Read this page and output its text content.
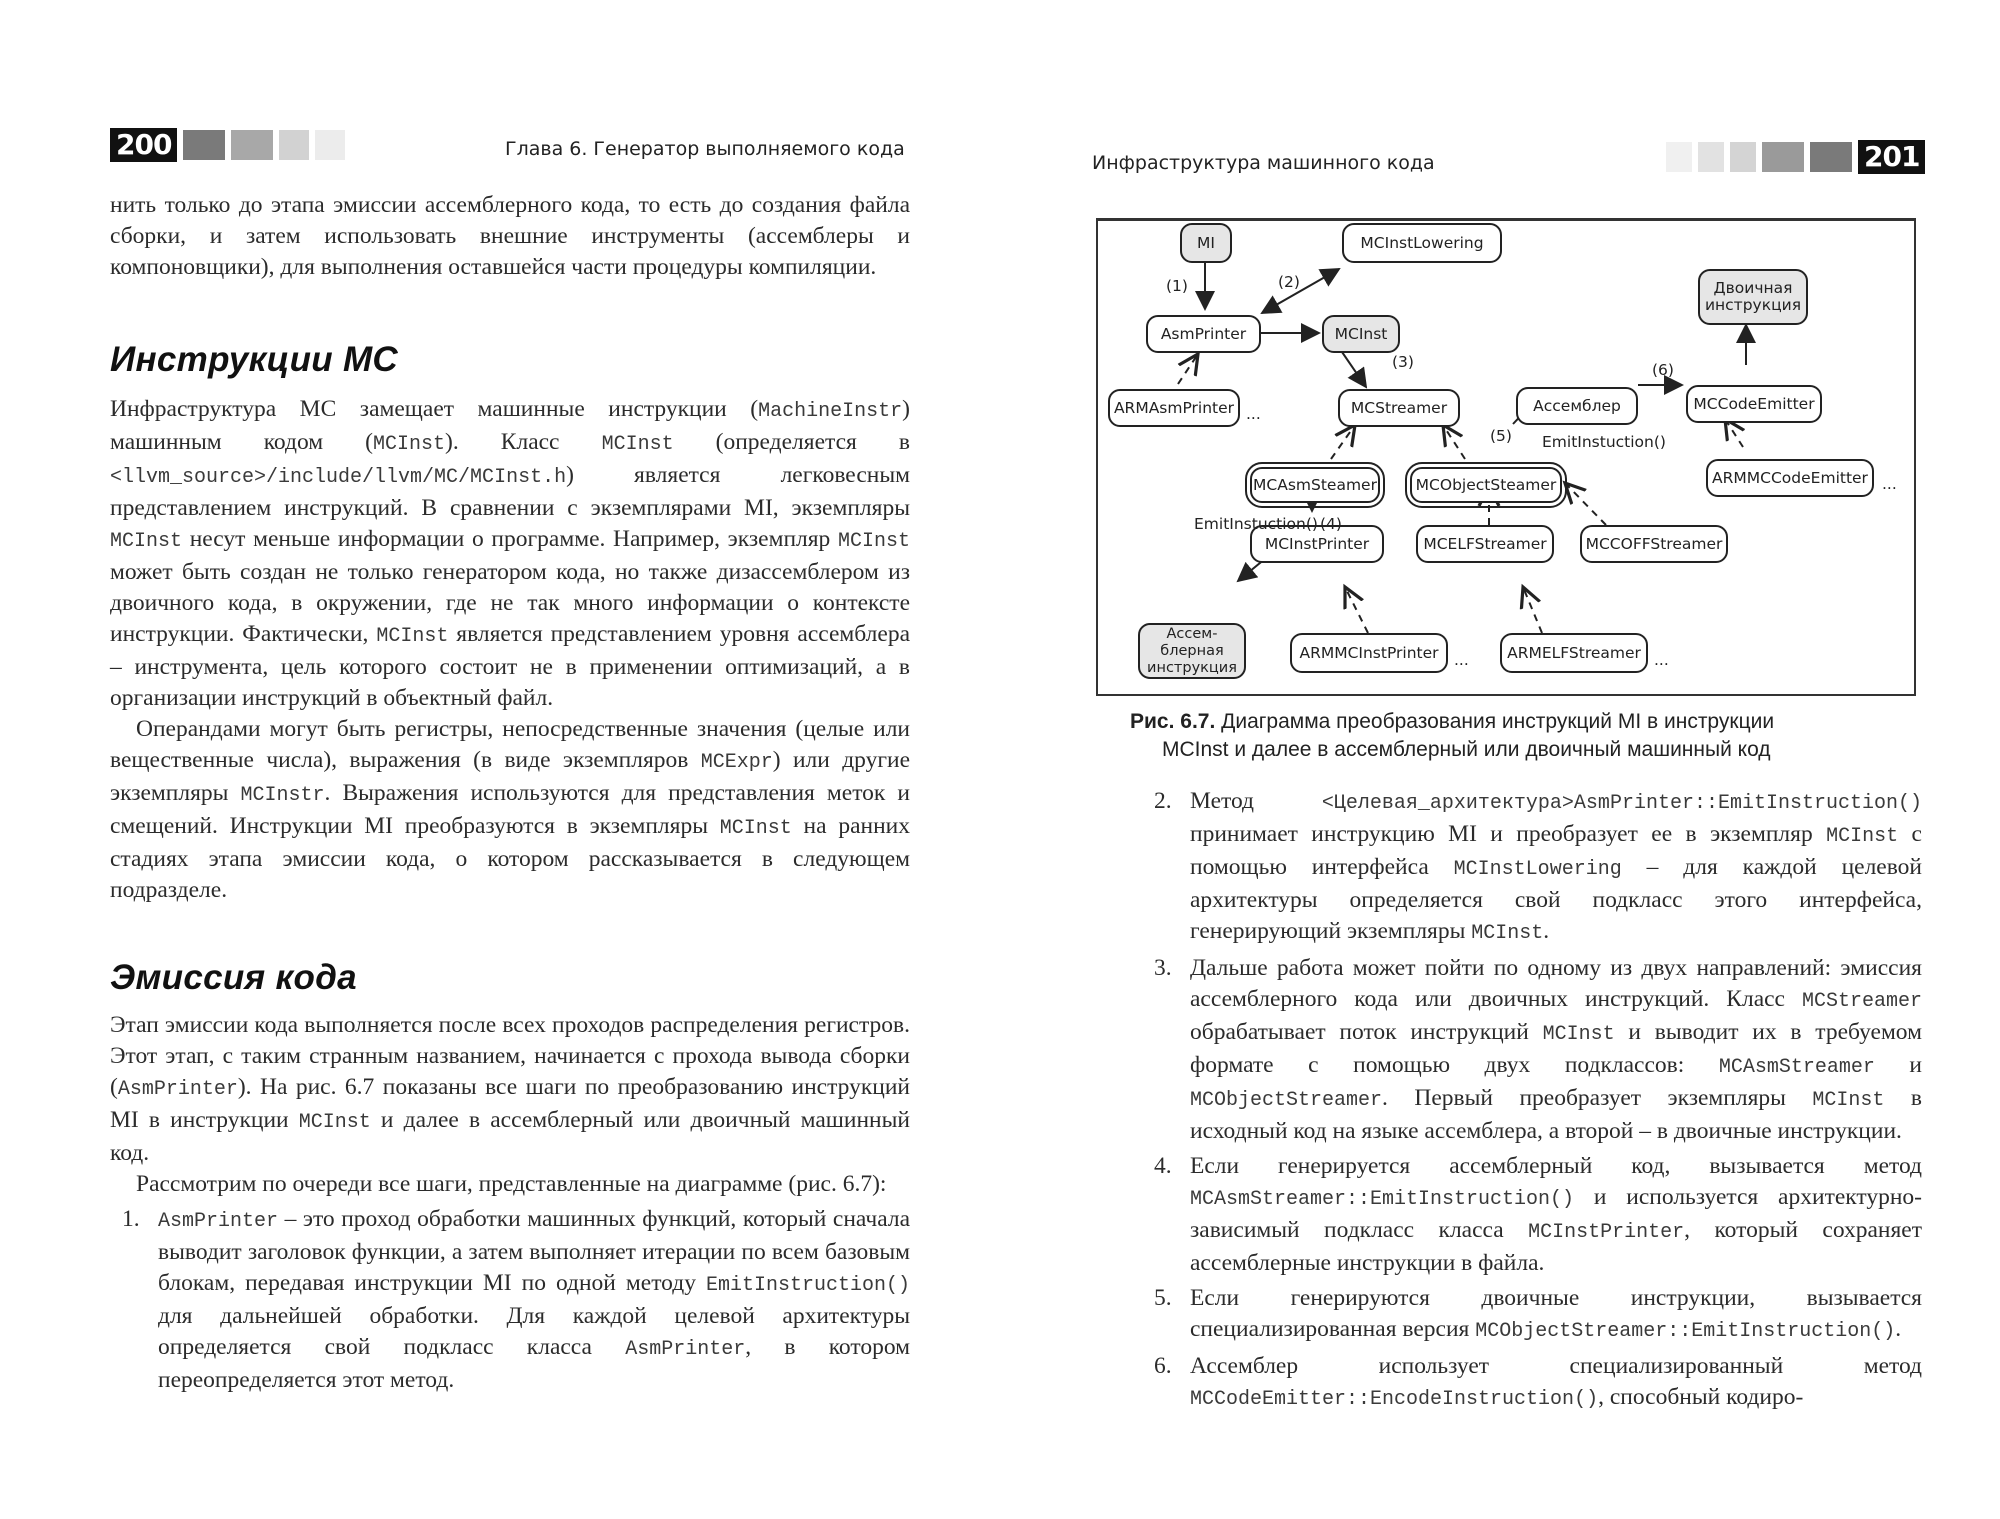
200	Глава 6. Генератор выполняемого кода

нить только до этапа эмиссии ассемблерного кода, то есть до создания файла сборки, и затем использовать внешние инструменты (ассемблеры и компоновщики), для выполнения оставшейся части процедуры компиляции.

Инструкции MC

Инфраструктура MC замещает машинные инструкции (MachineInstr) машинным кодом (MCInst). Класс MCInst (определяется в <llvm_source>/include/llvm/MC/MCInst.h) является легковесным представлением инструкций. В сравнении с экземплярами MI, экземпляры MCInst несут меньше информации о программе. Например, экземпляр MCInst может быть создан не только генератором кода, но также дизассемблером из двоичного кода, в окружении, где не так много информации о контексте инструкции. Фактически, MCInst является представлением уровня ассемблера – инструмента, цель которого состоит не в применении оптимизаций, а в организации инструкций в объектный файл.

Операндами могут быть регистры, непосредственные значения (целые или вещественные числа), выражения (в виде экземпляров MCExpr) или другие экземпляры MCInstr. Выражения используются для представления меток и смещений. Инструкции MI преобразуются в экземпляры MCInst на ранних стадиях этапа эмиссии кода, о котором рассказывается в следующем подразделе.

Эмиссия кода

Этап эмиссии кода выполняется после всех проходов распределения регистров. Этот этап, с таким странным названием, начинается с прохода вывода сборки (AsmPrinter). На рис. 6.7 показаны все шаги по преобразованию инструкций MI в инструкции MCInst и далее в ассемблерный или двоичный машинный код.

Рассмотрим по очереди все шаги, представленные на диаграмме (рис. 6.7):

1. AsmPrinter – это проход обработки машинных функций, который сначала выводит заголовок функции, а затем выполняет итерации по всем базовым блокам, передавая инструкции MI по одной методу EmitInstruction() для дальнейшей обработки. Для каждой целевой архитектуры определяется свой подкласс класса AsmPrinter, в котором переопределяется этот метод.
Инфраструктура машинного кода	201
MI	MCInstLowering
AsmPrinter	MCInst
ARMAsmPrinter ...	MCStreamer	Ассемблер	MCCodeEmitter
Двоичная инструкция
ARMMCCodeEmitter ...
MCAsmSteamer	MCObjectSteamer
MCInstPrinter	MCELFStreamer	MCCOFFStreamer
Ассем-блерная инструкция
ARMMCInstPrinter ...	ARMELFStreamer ...
(1)	(2)
(3)
EmitInstuction() (4)
(5) EmitInstuction()
(6)
Рис. 6.7. Диаграмма преобразования инструкций MI в инструкции
MCInst и далее в ассемблерный или двоичный машинный код
2. Метод <Целевая_архитектура>AsmPrinter::EmitInstruction() принимает инструкцию MI и преобразует ее в экземпляр MCInst с помощью интерфейса MCInstLowering – для каждой целевой архитектуры определяется свой подкласс этого интерфейса, генерирующий экземпляры MCInst.
3. Дальше работа может пойти по одному из двух направлений: эмиссия ассемблерного кода или двоичных инструкций. Класс MCStreamer обрабатывает поток инструкций MCInst и выводит их в требуемом формате с помощью двух подклассов: MCAsmStreamer и MCObjectStreamer. Первый преобразует экземпляры MCInst в исходный код на языке ассемблера, а второй – в двоичные инструкции.
4. Если генерируется ассемблерный код, вызывается метод MCAsmStreamer::EmitInstruction() и используется архитектурно-зависимый подкласс класса MCInstPrinter, который сохраняет ассемблерные инструкции в файла.
5. Если генерируются двоичные инструкции, вызывается специализированная версия MCObjectStreamer::EmitInstruction().
6. Ассемблер использует специализированный метод MCCodeEmitter::EncodeInstruction(), способный кодиро-
